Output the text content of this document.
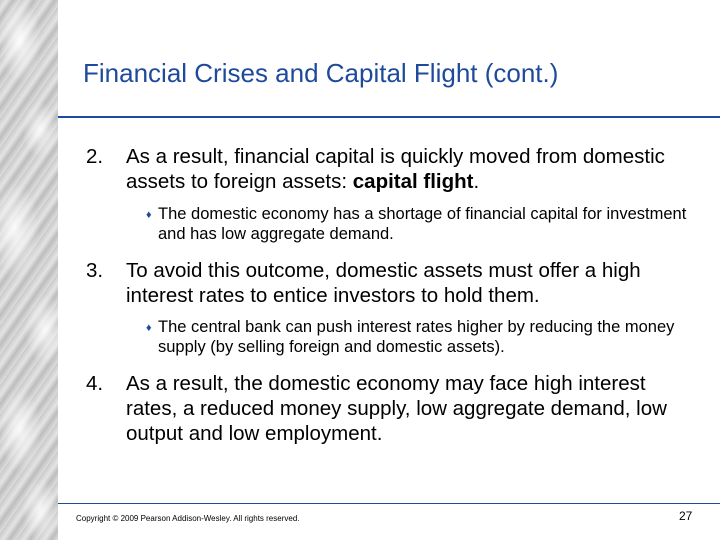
Financial Crises and Capital Flight (cont.)
2. As a result, financial capital is quickly moved from domestic assets to foreign assets: capital flight.
♦ The domestic economy has a shortage of financial capital for investment and has low aggregate demand.
3. To avoid this outcome, domestic assets must offer a high interest rates to entice investors to hold them.
♦ The central bank can push interest rates higher by reducing the money supply (by selling foreign and domestic assets).
4. As a result, the domestic economy may face high interest rates, a reduced money supply, low aggregate demand, low output and low employment.
Copyright © 2009 Pearson Addison-Wesley. All rights reserved.	27
